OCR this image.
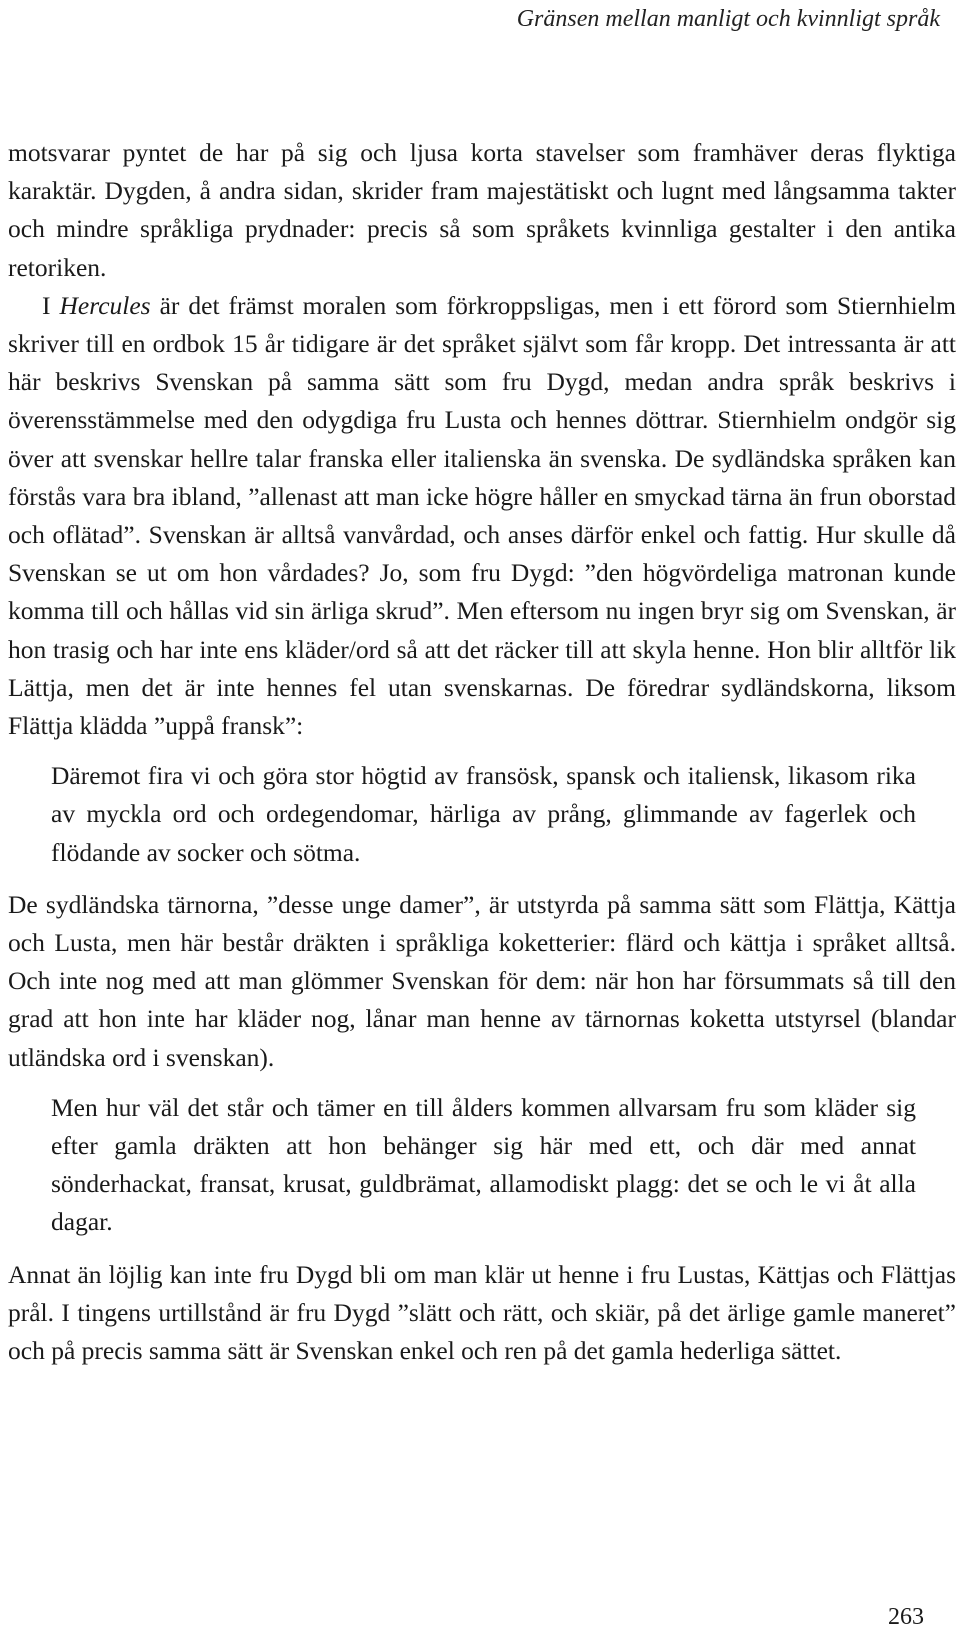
Gränsen mellan manligt och kvinnligt språk

motsvarar pyntet de har på sig och ljusa korta stavelser som framhäver deras flyktiga karaktär. Dygden, å andra sidan, skrider fram majestätiskt och lugnt med långsamma takter och mindre språkliga prydnader: precis så som språkets kvinnliga gestalter i den antika retoriken.

I Hercules är det främst moralen som förkroppsligas, men i ett förord som Stiernhielm skriver till en ordbok 15 år tidigare är det språket självt som får kropp. Det intressanta är att här beskrivs Svenskan på samma sätt som fru Dygd, medan andra språk beskrivs i överensstämmelse med den odygdiga fru Lusta och hennes döttrar. Stiernhielm ondgör sig över att svenskar hellre talar franska eller italienska än svenska. De sydländska språken kan förstås vara bra ibland, ”allenast att man icke högre håller en smyckad tärna än frun oborstad och oflätad”. Svenskan är alltså vanvårdad, och anses därför enkel och fattig. Hur skulle då Svenskan se ut om hon vårdades? Jo, som fru Dygd: ”den högvördeliga matronan kunde komma till och hållas vid sin ärliga skrud”. Men eftersom nu ingen bryr sig om Svenskan, är hon trasig och har inte ens kläder/ord så att det räcker till att skyla henne. Hon blir alltför lik Lättja, men det är inte hennes fel utan svenskarnas. De föredrar sydländskorna, liksom Flättja klädda ”uppå fransk”:

Däremot fira vi och göra stor högtid av fransösk, spansk och italiensk, likasom rika av myckla ord och ordegendomar, härliga av prång, glimmande av fagerlek och flödande av socker och sötma.

De sydländska tärnorna, ”desse unge damer”, är utstyrda på samma sätt som Flättja, Kättja och Lusta, men här består dräkten i språkliga koketterier: flärd och kättja i språket alltså. Och inte nog med att man glömmer Svenskan för dem: när hon har försummats så till den grad att hon inte har kläder nog, lånar man henne av tärnornas koketta utstyrsel (blandar utländska ord i svenskan).

Men hur väl det står och tämer en till ålders kommen allvarsam fru som kläder sig efter gamla dräkten att hon behänger sig här med ett, och där med annat sönderhackat, fransat, krusat, guldbrämat, allamodiskt plagg: det se och le vi åt alla dagar.

Annat än löjlig kan inte fru Dygd bli om man klär ut henne i fru Lustas, Kättjas och Flättjas prål. I tingens urtillstånd är fru Dygd ”slätt och rätt, och skiär, på det ärlige gamle maneret” och på precis samma sätt är Svenskan enkel och ren på det gamla hederliga sättet.

263
